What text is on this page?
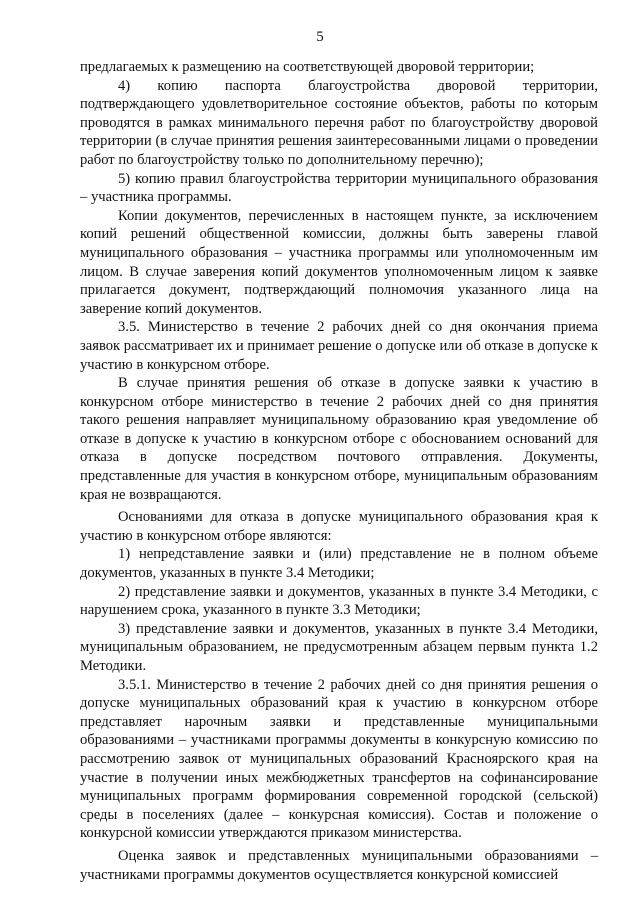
5

предлагаемых к размещению на соответствующей дворовой территории;

4) копию паспорта благоустройства дворовой территории, подтверждающего удовлетворительное состояние объектов, работы по которым проводятся в рамках минимального перечня работ по благоустройству дворовой территории (в случае принятия решения заинтересованными лицами о проведении работ по благоустройству только по дополнительному перечню);

5) копию правил благоустройства территории муниципального образования – участника программы.

Копии документов, перечисленных в настоящем пункте, за исключением копий решений общественной комиссии, должны быть заверены главой муниципального образования – участника программы или уполномоченным им лицом. В случае заверения копий документов уполномоченным лицом к заявке прилагается документ, подтверждающий полномочия указанного лица на заверение копий документов.

3.5. Министерство в течение 2 рабочих дней со дня окончания приема заявок рассматривает их и принимает решение о допуске или об отказе в допуске к участию в конкурсном отборе.

В случае принятия решения об отказе в допуске заявки к участию в конкурсном отборе министерство в течение 2 рабочих дней со дня принятия такого решения направляет муниципальному образованию края уведомление об отказе в допуске к участию в конкурсном отборе с обоснованием оснований для отказа в допуске посредством почтового отправления. Документы, представленные для участия в конкурсном отборе, муниципальным образованиям края не возвращаются.

Основаниями для отказа в допуске муниципального образования края к участию в конкурсном отборе являются:

1) непредставление заявки и (или) представление не в полном объеме документов, указанных в пункте 3.4 Методики;

2) представление заявки и документов, указанных в пункте 3.4 Методики, с нарушением срока, указанного в пункте 3.3 Методики;

3) представление заявки и документов, указанных в пункте 3.4 Методики, муниципальным образованием, не предусмотренным абзацем первым пункта 1.2 Методики.

3.5.1. Министерство в течение 2 рабочих дней со дня принятия решения о допуске муниципальных образований края к участию в конкурсном отборе представляет нарочным заявки и представленные муниципальными образованиями – участниками программы документы в конкурсную комиссию по рассмотрению заявок от муниципальных образований Красноярского края на участие в получении иных межбюджетных трансфертов на софинансирование муниципальных программ формирования современной городской (сельской) среды в поселениях (далее – конкурсная комиссия). Состав и положение о конкурсной комиссии утверждаются приказом министерства.

Оценка заявок и представленных муниципальными образованиями – участниками программы документов осуществляется конкурсной комиссией
